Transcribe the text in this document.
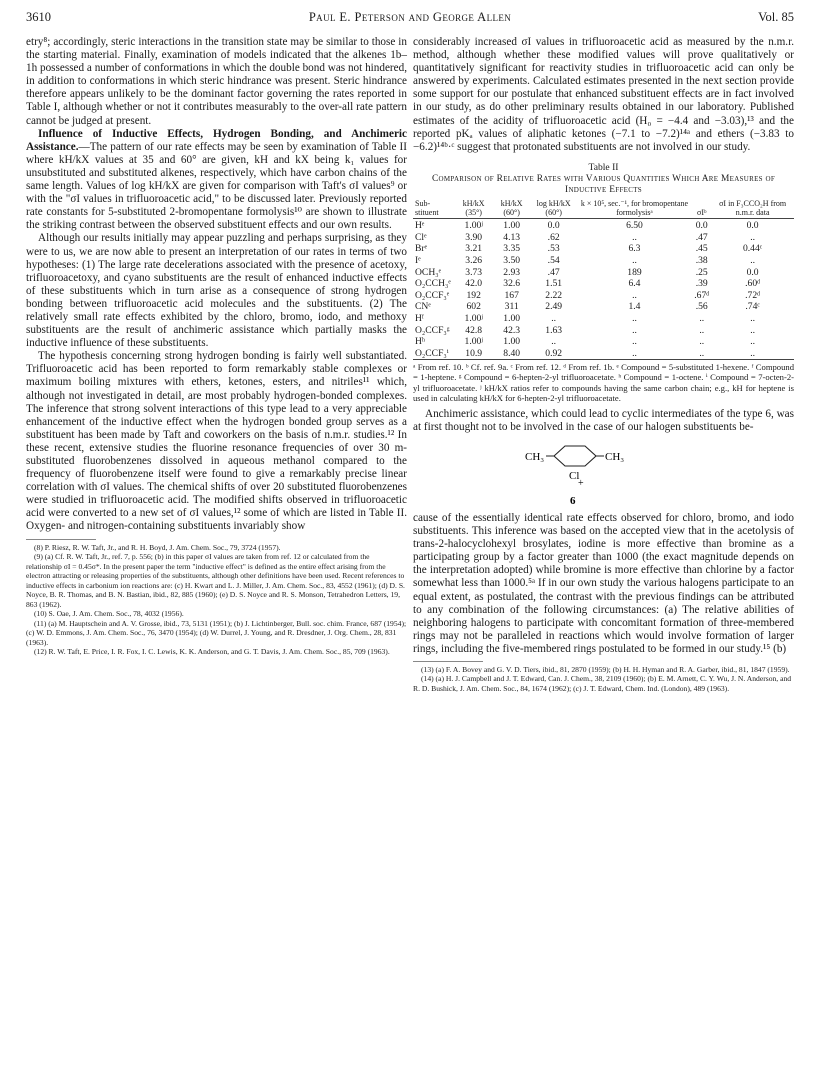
3610	Paul E. Peterson and George Allen	Vol. 85

etry⁸; accordingly, steric interactions in the transition state may be similar to those in the starting material. Finally, examination of models indicated that the alkenes 1b–1h possessed a number of conformations in which the double bond was not hindered, in addition to conformations in which steric hindrance was present. Steric hindrance therefore appears unlikely to be the dominant factor governing the rates reported in Table I, although whether or not it contributes measurably to the over-all rate pattern cannot be judged at present.

Influence of Inductive Effects, Hydrogen Bonding, and Anchimeric Assistance.—The pattern of our rate effects may be seen by examination of Table II where kH/kX values at 35 and 60° are given, kH and kX being k₁ values for unsubstituted and substituted alkenes, respectively, which have carbon chains of the same length. Values of log kH/kX are given for comparison with Taft's σI values⁹ or with the "σI values in trifluoroacetic acid," to be discussed later. Previously reported rate constants for 5-substituted 2-bromopentane formolysis¹⁰ are shown to illustrate the striking contrast between the observed substituent effects and our own results.

Although our results initially may appear puzzling and perhaps surprising, as they were to us, we are now able to present an interpretation of our rates in terms of two hypotheses: (1) The large rate decelerations associated with the presence of acetoxy, trifluoroacetoxy, and cyano substituents are the result of enhanced inductive effects of these substituents which in turn arise as a consequence of strong hydrogen bonding between trifluoroacetic acid molecules and the substituents. (2) The relatively small rate effects exhibited by the chloro, bromo, iodo, and methoxy substituents are the result of anchimeric assistance which partially masks the inductive influence of these substituents.

The hypothesis concerning strong hydrogen bonding is fairly well substantiated. Trifluoroacetic acid has been reported to form remarkably stable complexes or maximum boiling mixtures with ethers, ketones, esters, and nitriles¹¹ which, although not investigated in detail, are most probably hydrogen-bonded complexes. The inference that strong solvent interactions of this type lead to a very appreciable enhancement of the inductive effect when the hydrogen bonded group serves as a substituent has been made by Taft and coworkers on the basis of n.m.r. studies.¹² In these recent, extensive studies the fluorine resonance frequencies of over 30 m-substituted fluorobenzenes dissolved in aqueous methanol compared to the frequency of fluorobenzene itself were found to give a remarkably precise linear correlation with σI values. The chemical shifts of over 20 substituted fluorobenzenes were studied in trifluoroacetic acid. The modified shifts observed in trifluoroacetic acid were converted to a new set of σI values,¹² some of which are listed in Table II. Oxygen- and nitrogen-containing substituents invariably show

(8) P. Riesz, R. W. Taft, Jr., and R. H. Boyd, J. Am. Chem. Soc., 79, 3724 (1957).

(9) (a) Cf. R. W. Taft, Jr., ref. 7, p. 556; (b) in this paper σI values are taken from ref. 12 or calculated from the relationship σI = 0.45σ*. In the present paper the term "inductive effect" is defined as the entire effect arising from the electron attracting or releasing properties of the substituents, although other definitions have been used. Recent references to inductive effects in carbonium ion reactions are: (c) H. Kwart and L. J. Miller, J. Am. Chem. Soc., 83, 4552 (1961); (d) D. S. Noyce, B. R. Thomas, and B. N. Bastian, ibid., 82, 885 (1960); (e) D. S. Noyce and R. S. Monson, Tetrahedron Letters, 19, 863 (1962).

(10) S. Oae, J. Am. Chem. Soc., 78, 4032 (1956).

(11) (a) M. Hauptschein and A. V. Grosse, ibid., 73, 5131 (1951); (b) J. Lichtinberger, Bull. soc. chim. France, 687 (1954); (c) W. D. Emmons, J. Am. Chem. Soc., 76, 3470 (1954); (d) W. Durrel, J. Young, and R. Dresdner, J. Org. Chem., 28, 831 (1963).

(12) R. W. Taft, E. Price, I. R. Fox, I. C. Lewis, K. K. Anderson, and G. T. Davis, J. Am. Chem. Soc., 85, 709 (1963).

considerably increased σI values in trifluoroacetic acid as measured by the n.m.r. method, although whether these modified values will prove qualitatively or quantitatively significant for reactivity studies in trifluoroacetic acid can only be answered by experiments. Calculated estimates presented in the next section provide some support for our postulate that enhanced substituent effects are in fact involved in our study, as do other preliminary results obtained in our laboratory. Published estimates of the acidity of trifluoroacetic acid (H₀ = −4.4 and −3.03),¹³ and the reported pKₐ values of aliphatic ketones (−7.1 to −7.2)¹⁴ᵃ and ethers (−3.83 to −6.2)¹⁴ᵇ·ᶜ suggest that protonated substituents are not involved in our study.

Table II
Comparison of Relative Rates with Various Quantities Which Are Measures of Inductive Effects
Sub-stituent	kH/kX (35°)	kH/kX (60°)	log kH/kX (60°)	k × 10⁵, sec.⁻¹, for bromopentane formolysisᵃ	σIᵇ	σI in F₃CCO₂H from n.m.r. data
Hᵉ	1.00ʲ	1.00	0.0	6.50	0.0	0.0
Clᵉ	3.90	4.13	.62	..	.47	..
Brᵉ	3.21	3.35	.53	6.3	.45	0.44ᶜ
Iᵉ	3.26	3.50	.54	..	.38	..
OCH₃ᵉ	3.73	2.93	.47	189	.25	0.0
O₂CCH₃ᵉ	42.0	32.6	1.51	6.4	.39	.60ᵈ
O₂CCF₃ᵉ	192	167	2.22	..	.67ᵈ	.72ᵈ
CNᵉ	602	311	2.49	1.4	.56	.74ᶜ
Hᶠ	1.00ʲ	1.00	..	..	..	..
O₂CCF₃ᵍ	42.8	42.3	1.63	..	..	..
Hʰ	1.00ʲ	1.00	..	..	..	..
O₂CCF₃ⁱ	10.9	8.40	0.92	..	..	..
ᵃ From ref. 10. ᵇ Cf. ref. 9a. ᶜ From ref. 12. ᵈ From ref. 1b. ᵉ Compound = 5-substituted 1-hexene. ᶠ Compound = 1-heptene. ᵍ Compound = 6-hepten-2-yl trifluoroacetate. ʰ Compound = 1-octene. ⁱ Compound = 7-octen-2-yl trifluoroacetate. ʲ kH/kX ratios refer to compounds having the same carbon chain; e.g., kH for heptene is used in calculating kH/kX for 6-hepten-2-yl trifluoroacetate.

Anchimeric assistance, which could lead to cyclic intermediates of the type 6, was at first thought not to be involved in the case of our halogen substituents be-

CH₃	CH₃
Cl
+
6

cause of the essentially identical rate effects observed for chloro, bromo, and iodo substituents. This inference was based on the accepted view that in the acetolysis of trans-2-halocyclohexyl brosylates, iodine is more effective than bromine as a participating group by a factor greater than 1000 (the exact magnitude depends on the interpretation adopted) while bromine is more effective than chlorine by a factor somewhat less than 1000.⁵ᵃ If in our own study the various halogens participate to an equal extent, as postulated, the contrast with the previous findings can be attributed to any combination of the following circumstances: (a) The relative abilities of neighboring halogens to participate with concomitant formation of three-membered rings may not be paralleled in reactions which would involve formation of larger rings, including the five-membered rings postulated to be formed in our study.¹⁵ (b)

(13) (a) F. A. Bovey and G. V. D. Tiers, ibid., 81, 2870 (1959); (b) H. H. Hyman and R. A. Garber, ibid., 81, 1847 (1959).

(14) (a) H. J. Campbell and J. T. Edward, Can. J. Chem., 38, 2109 (1960); (b) E. M. Arnett, C. Y. Wu, J. N. Anderson, and R. D. Bushick, J. Am. Chem. Soc., 84, 1674 (1962); (c) J. T. Edward, Chem. Ind. (London), 489 (1963).
